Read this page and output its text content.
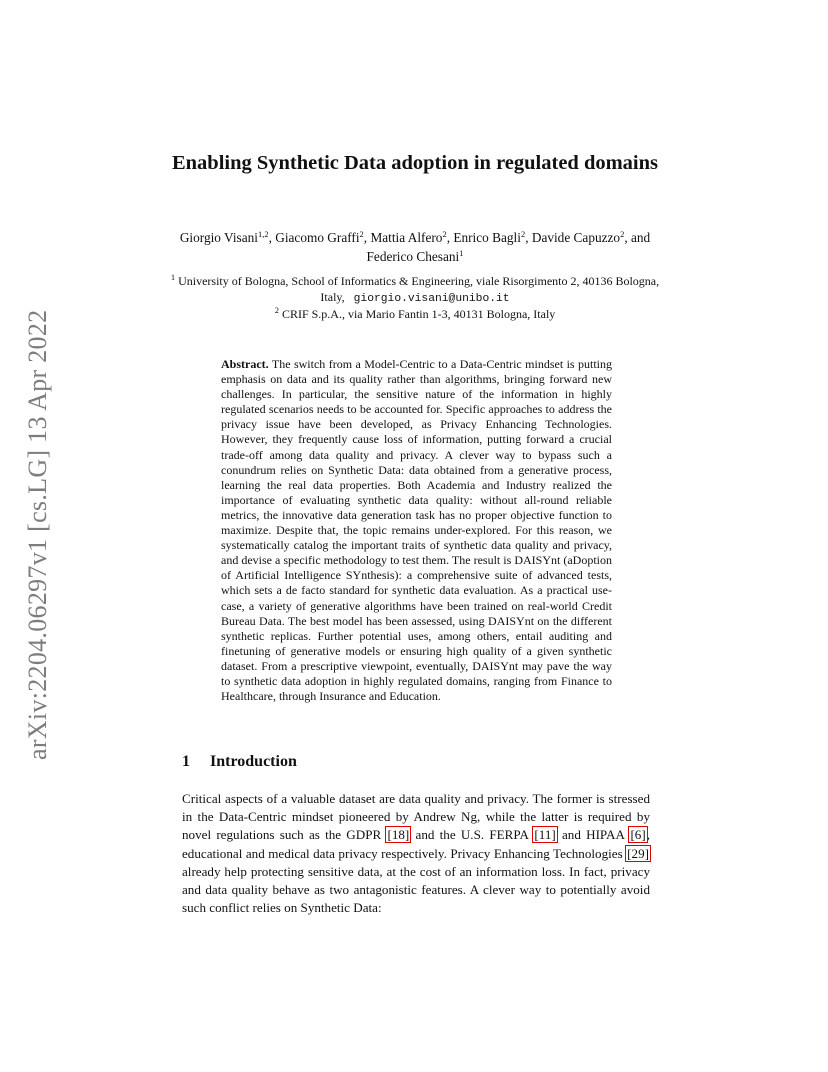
arXiv:2204.06297v1 [cs.LG] 13 Apr 2022
Enabling Synthetic Data adoption in regulated domains
Giorgio Visani$^{1,2}$, Giacomo Graffi$^2$, Mattia Alfero$^2$, Enrico Bagli$^2$, Davide Capuzzo$^2$, and Federico Chesani$^1$
$^1$ University of Bologna, School of Informatics & Engineering, viale Risorgimento 2, 40136 Bologna, Italy, giorgio.visani@unibo.it
$^2$ CRIF S.p.A., via Mario Fantin 1-3, 40131 Bologna, Italy
Abstract. The switch from a Model-Centric to a Data-Centric mindset is putting emphasis on data and its quality rather than algorithms, bringing forward new challenges. In particular, the sensitive nature of the information in highly regulated scenarios needs to be accounted for. Specific approaches to address the privacy issue have been developed, as Privacy Enhancing Technologies. However, they frequently cause loss of information, putting forward a crucial trade-off among data quality and privacy. A clever way to bypass such a conundrum relies on Synthetic Data: data obtained from a generative process, learning the real data properties. Both Academia and Industry realized the importance of evaluating synthetic data quality: without all-round reliable metrics, the innovative data generation task has no proper objective function to maximize. Despite that, the topic remains under-explored. For this reason, we systematically catalog the important traits of synthetic data quality and privacy, and devise a specific methodology to test them. The result is DAISYnt (aDoption of Artificial Intelligence SYnthesis): a comprehensive suite of advanced tests, which sets a de facto standard for synthetic data evaluation. As a practical use-case, a variety of generative algorithms have been trained on real-world Credit Bureau Data. The best model has been assessed, using DAISYnt on the different synthetic replicas. Further potential uses, among others, entail auditing and finetuning of generative models or ensuring high quality of a given synthetic dataset. From a prescriptive viewpoint, eventually, DAISYnt may pave the way to synthetic data adoption in highly regulated domains, ranging from Finance to Healthcare, through Insurance and Education.
1 Introduction
Critical aspects of a valuable dataset are data quality and privacy. The former is stressed in the Data-Centric mindset pioneered by Andrew Ng, while the latter is required by novel regulations such as the GDPR [18] and the U.S. FERPA [11] and HIPAA [6], educational and medical data privacy respectively. Privacy Enhancing Technologies [29] already help protecting sensitive data, at the cost of an information loss. In fact, privacy and data quality behave as two antagonistic features. A clever way to potentially avoid such conflict relies on Synthetic Data:
